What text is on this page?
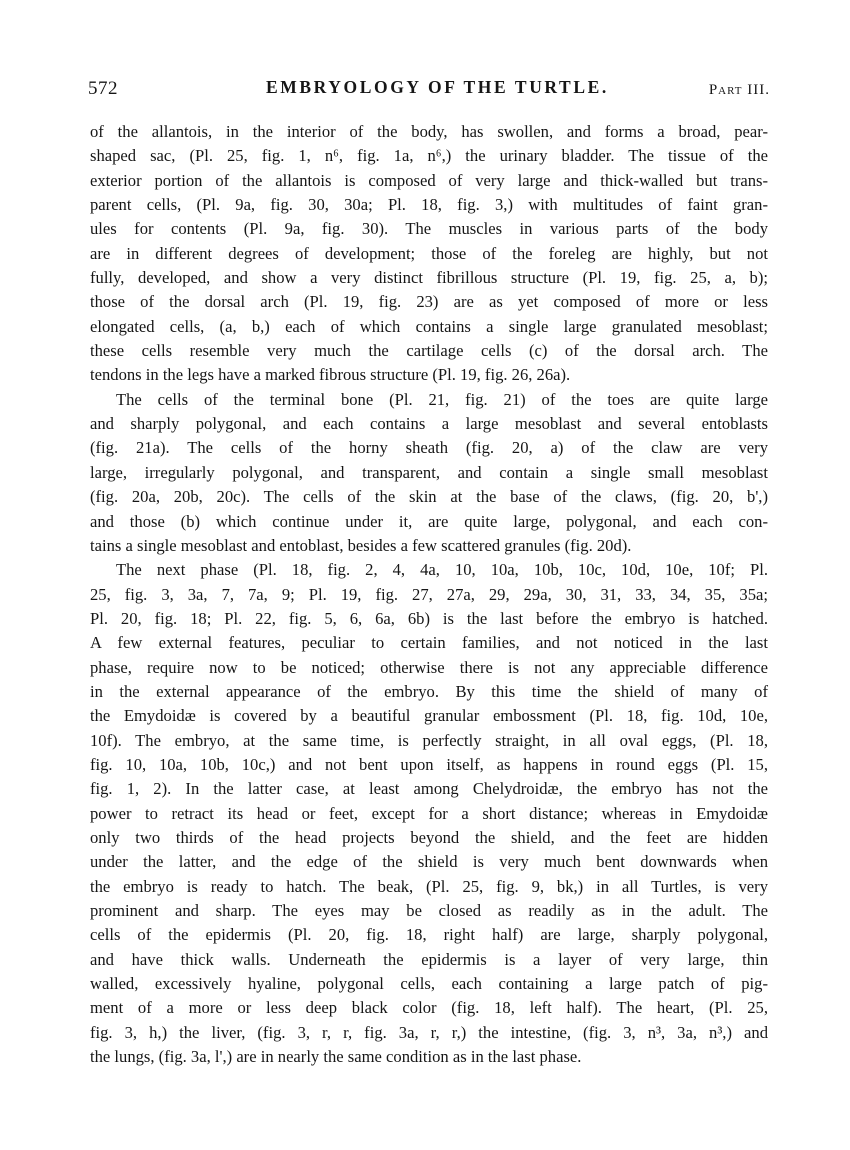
572	EMBRYOLOGY OF THE TURTLE.	Part III.
of the allantois, in the interior of the body, has swollen, and forms a broad, pear-
shaped sac, (Pl. 25, fig. 1, n⁶, fig. 1a, n⁶,) the urinary bladder. The tissue of the
exterior portion of the allantois is composed of very large and thick-walled but trans-
parent cells, (Pl. 9a, fig. 30, 30a; Pl. 18, fig. 3,) with multitudes of faint gran-
ules for contents (Pl. 9a, fig. 30). The muscles in various parts of the body
are in different degrees of development; those of the foreleg are highly, but not
fully, developed, and show a very distinct fibrillous structure (Pl. 19, fig. 25, a, b);
those of the dorsal arch (Pl. 19, fig. 23) are as yet composed of more or less
elongated cells, (a, b,) each of which contains a single large granulated mesoblast;
these cells resemble very much the cartilage cells (c) of the dorsal arch. The
tendons in the legs have a marked fibrous structure (Pl. 19, fig. 26, 26a).
The cells of the terminal bone (Pl. 21, fig. 21) of the toes are quite large
and sharply polygonal, and each contains a large mesoblast and several entoblasts
(fig. 21a). The cells of the horny sheath (fig. 20, a) of the claw are very
large, irregularly polygonal, and transparent, and contain a single small mesoblast
(fig. 20a, 20b, 20c). The cells of the skin at the base of the claws, (fig. 20, b',)
and those (b) which continue under it, are quite large, polygonal, and each con-
tains a single mesoblast and entoblast, besides a few scattered granules (fig. 20d).
The next phase (Pl. 18, fig. 2, 4, 4a, 10, 10a, 10b, 10c, 10d, 10e, 10f; Pl.
25, fig. 3, 3a, 7, 7a, 9; Pl. 19, fig. 27, 27a, 29, 29a, 30, 31, 33, 34, 35, 35a;
Pl. 20, fig. 18; Pl. 22, fig. 5, 6, 6a, 6b) is the last before the embryo is hatched.
A few external features, peculiar to certain families, and not noticed in the last
phase, require now to be noticed; otherwise there is not any appreciable difference
in the external appearance of the embryo. By this time the shield of many of
the Emydoidæ is covered by a beautiful granular embossment (Pl. 18, fig. 10d, 10e,
10f). The embryo, at the same time, is perfectly straight, in all oval eggs, (Pl. 18,
fig. 10, 10a, 10b, 10c,) and not bent upon itself, as happens in round eggs (Pl. 15,
fig. 1, 2). In the latter case, at least among Chelydroidæ, the embryo has not the
power to retract its head or feet, except for a short distance; whereas in Emydoidæ
only two thirds of the head projects beyond the shield, and the feet are hidden
under the latter, and the edge of the shield is very much bent downwards when
the embryo is ready to hatch. The beak, (Pl. 25, fig. 9, bk,) in all Turtles, is very
prominent and sharp. The eyes may be closed as readily as in the adult. The
cells of the epidermis (Pl. 20, fig. 18, right half) are large, sharply polygonal,
and have thick walls. Underneath the epidermis is a layer of very large, thin
walled, excessively hyaline, polygonal cells, each containing a large patch of pig-
ment of a more or less deep black color (fig. 18, left half). The heart, (Pl. 25,
fig. 3, h,) the liver, (fig. 3, r, r, fig. 3a, r, r,) the intestine, (fig. 3, n³, 3a, n³,) and
the lungs, (fig. 3a, l',) are in nearly the same condition as in the last phase.
